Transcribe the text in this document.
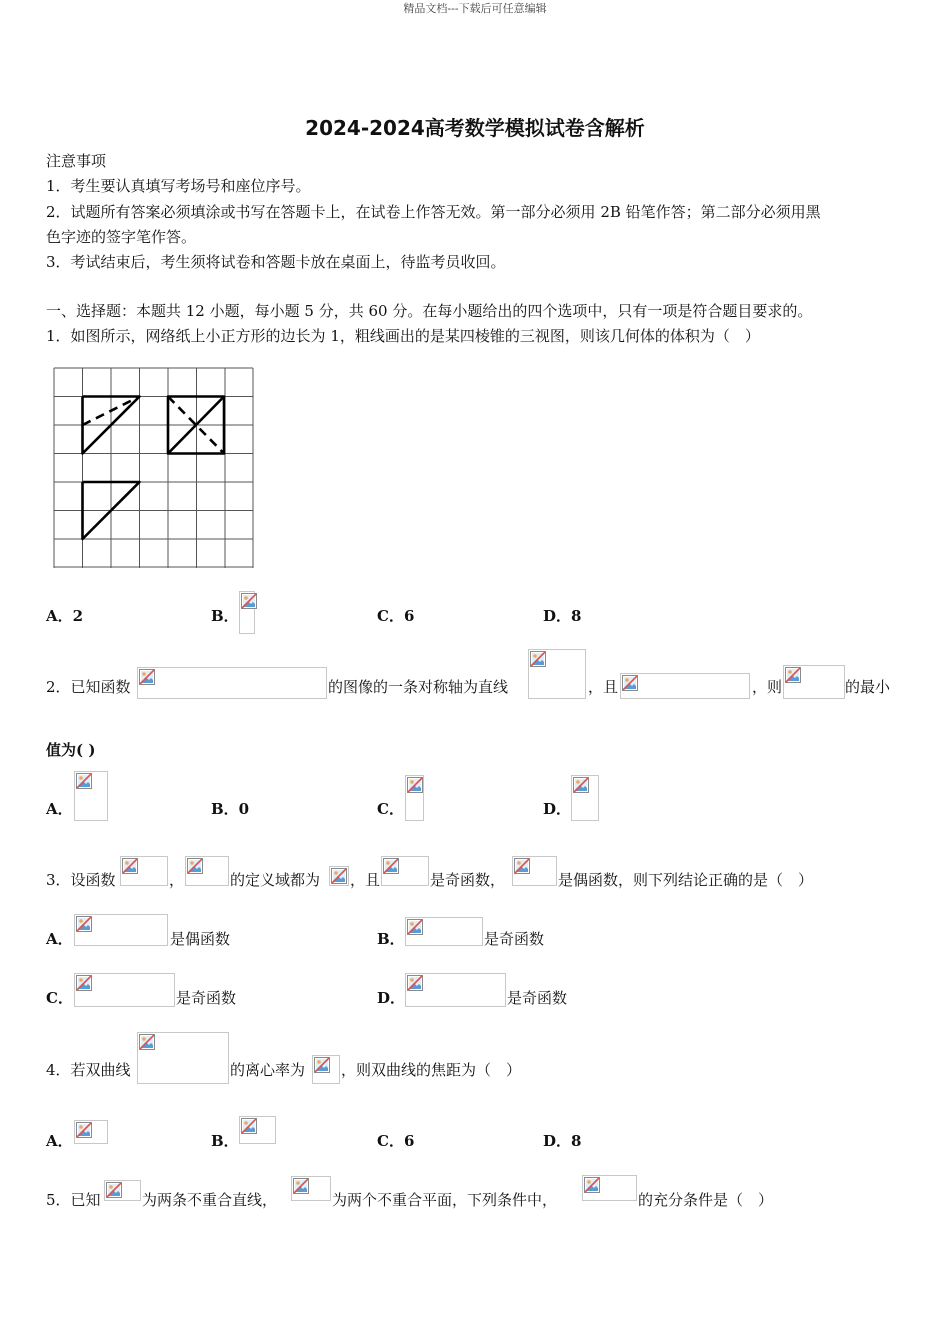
精品文档---下载后可任意编辑
2024-2024高考数学模拟试卷含解析
注意事项
1．考生要认真填写考场号和座位序号。
2．试题所有答案必须填涂或书写在答题卡上，在试卷上作答无效。第一部分必须用 2B 铅笔作答；第二部分必须用黑
色字迹的签字笔作答。
3．考试结束后，考生须将试卷和答题卡放在桌面上，待监考员收回。
一、选择题：本题共 12 小题，每小题 5 分，共 60 分。在每小题给出的四个选项中，只有一项是符合题目要求的。
1．如图所示，网络纸上小正方形的边长为 1，粗线画出的是某四棱锥的三视图，则该几何体的体积为（　）
A．2	B．	C．6	D．8
2．已知函数	的图像的一条对称轴为直线	，且	，则	的最小
值为( )
A．	B．0	C．	D．
3．设函数	，	的定义域都为 ，且	是奇函数，	是偶函数，则下列结论正确的是（　）
A．	是偶函数	B．	是奇函数
C．	是奇函数	D．	是奇函数
4．若双曲线	的离心率为 ，则双曲线的焦距为（　）
A．	B．	C．6	D．8
5．已知	为两条不重合直线，	为两个不重合平面，下列条件中，	的充分条件是（　）
